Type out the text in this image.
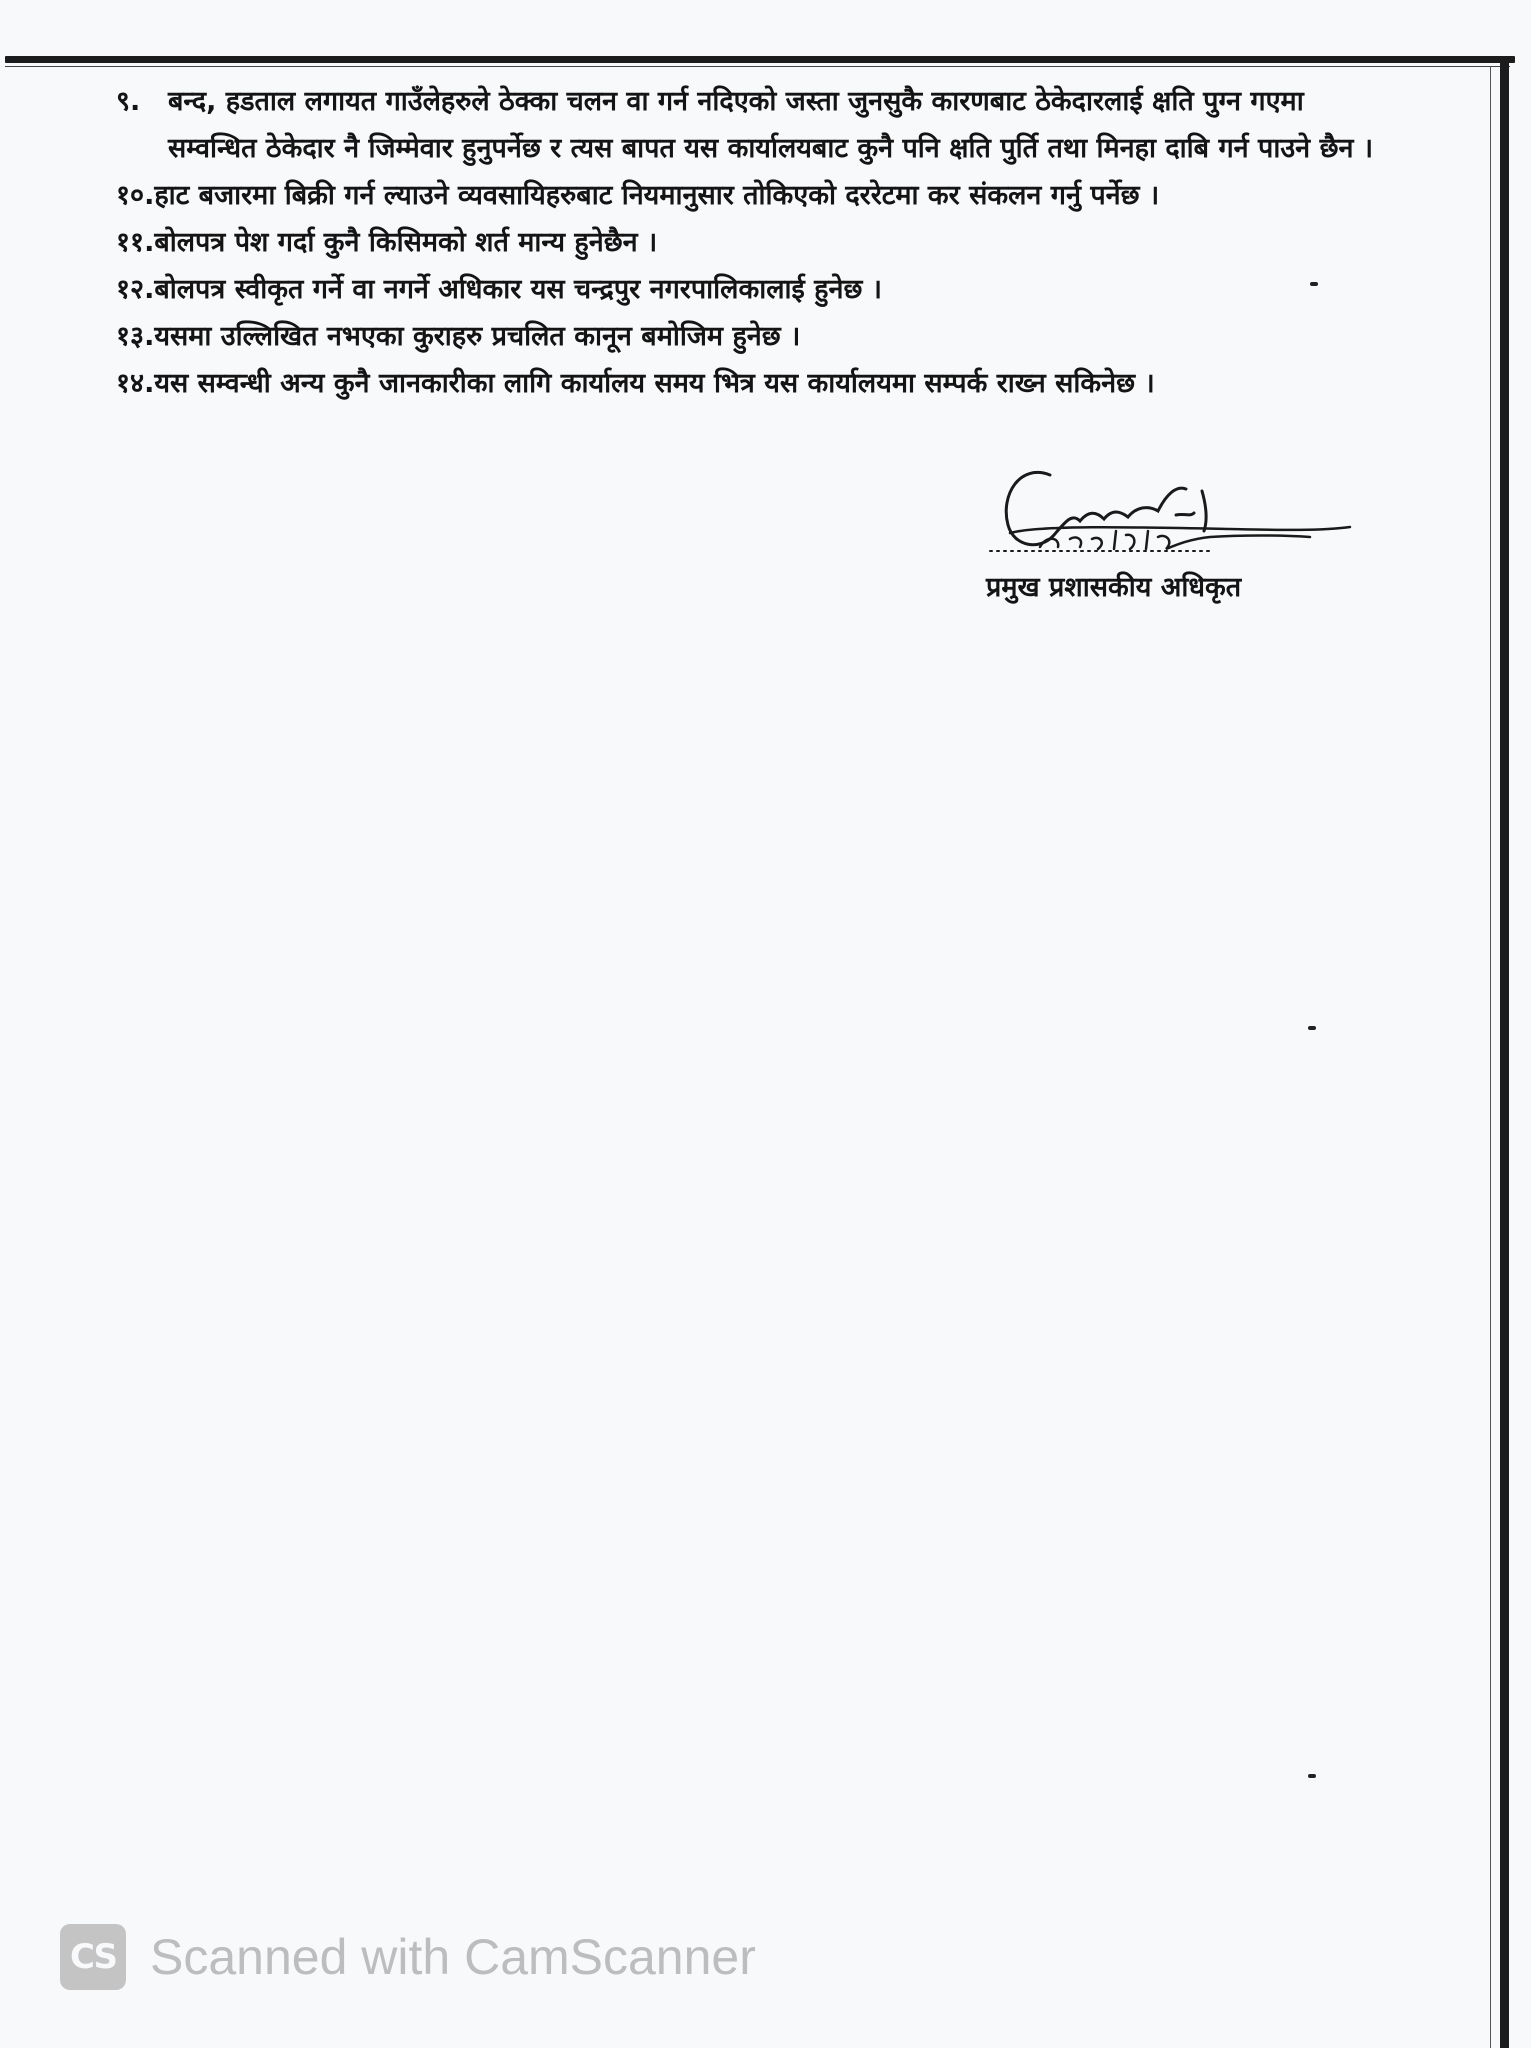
९.	बन्द, हडताल लगायत गाउँलेहरुले ठेक्का चलन वा गर्न नदिएको जस्ता जुनसुकै कारणबाट ठेकेदारलाई क्षति पुग्न गएमा सम्वन्धित ठेकेदार नै जिम्मेवार हुनुपर्नेछ र त्यस बापत यस कार्यालयबाट कुनै पनि क्षति पुर्ति तथा मिनहा दाबि गर्न पाउने छैन ।
१०. हाट बजारमा बिक्री गर्न ल्याउने व्यवसायिहरुबाट नियमानुसार तोकिएको दररेटमा कर संकलन गर्नु पर्नेछ ।
११. बोलपत्र पेश गर्दा कुनै किसिमको शर्त मान्य हुनेछैन ।
१२. बोलपत्र स्वीकृत गर्ने वा नगर्ने अधिकार यस चन्द्रपुर नगरपालिकालाई हुनेछ ।
१३. यसमा उल्लिखित नभएका कुराहरु प्रचलित कानून बमोजिम हुनेछ ।
१४. यस सम्वन्धी अन्य कुनै जानकारीका लागि कार्यालय समय भित्र यस कार्यालयमा सम्पर्क राख्न सकिनेछ ।
प्रमुख प्रशासकीय अधिकृत
CS Scanned with CamScanner
